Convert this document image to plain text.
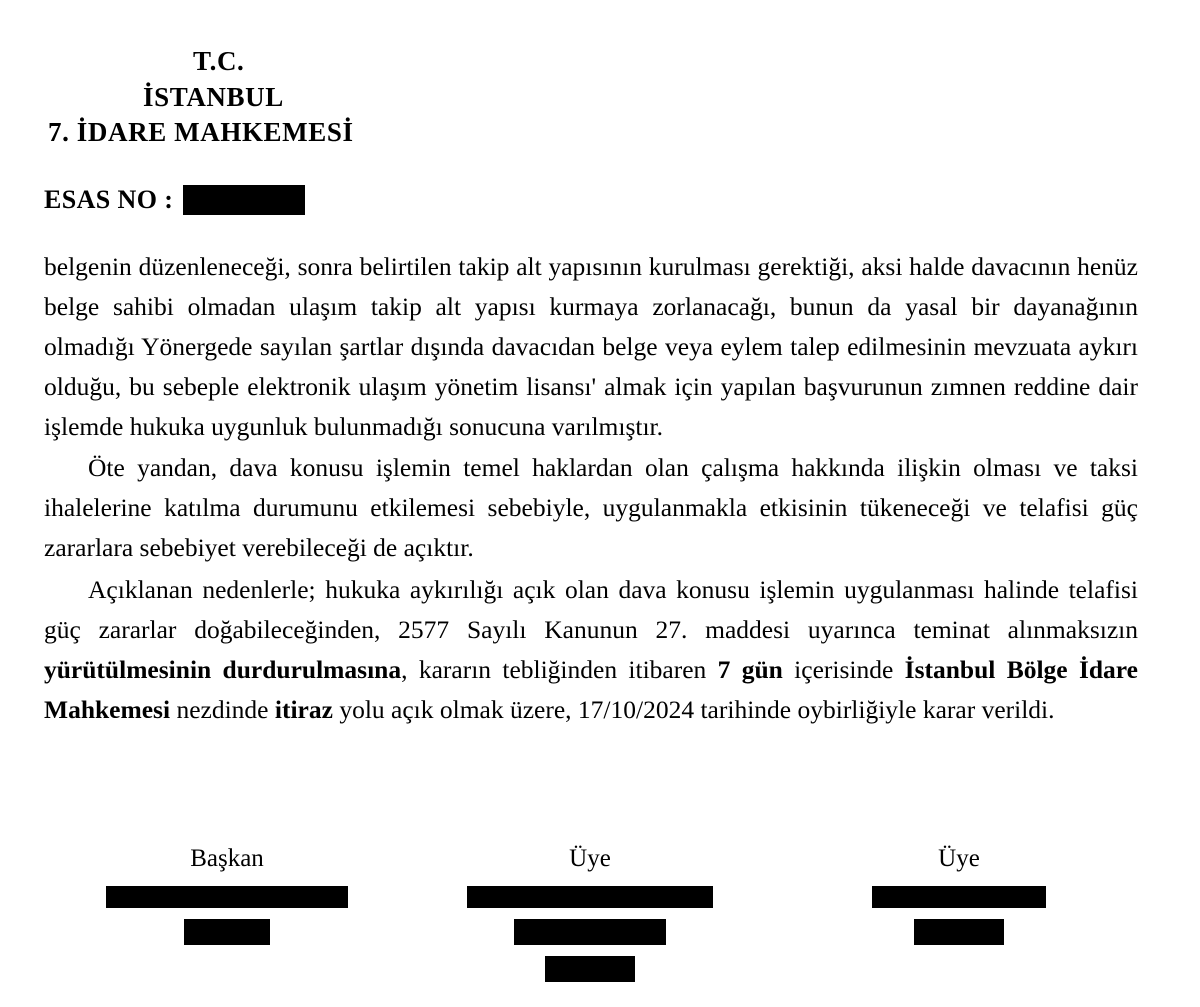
T.C.
İSTANBUL
7. İDARE MAHKEMESİ
ESAS NO :

belgenin düzenleneceği, sonra belirtilen takip alt yapısının kurulması gerektiği, aksi halde davacının henüz belge sahibi olmadan ulaşım takip alt yapısı kurmaya zorlanacağı, bunun da yasal bir dayanağının olmadığı Yönergede sayılan şartlar dışında davacıdan belge veya eylem talep edilmesinin mevzuata aykırı olduğu, bu sebeple elektronik ulaşım yönetim lisansı' almak için yapılan başvurunun zımnen reddine dair işlemde hukuka uygunluk bulunmadığı sonucuna varılmıştır.

Öte yandan, dava konusu işlemin temel haklardan olan çalışma hakkında ilişkin olması ve taksi ihalelerine katılma durumunu etkilemesi sebebiyle, uygulanmakla etkisinin tükeneceği ve telafisi güç zararlara sebebiyet verebileceği de açıktır.

Açıklanan nedenlerle; hukuka aykırılığı açık olan dava konusu işlemin uygulanması halinde telafisi güç zararlar doğabileceğinden, 2577 Sayılı Kanunun 27. maddesi uyarınca teminat alınmaksızın yürütülmesinin durdurulmasına, kararın tebliğinden itibaren 7 gün içerisinde İstanbul Bölge İdare Mahkemesi nezdinde itiraz yolu açık olmak üzere, 17/10/2024 tarihinde oybirliğiyle karar verildi.

Başkan	Üye	Üye
